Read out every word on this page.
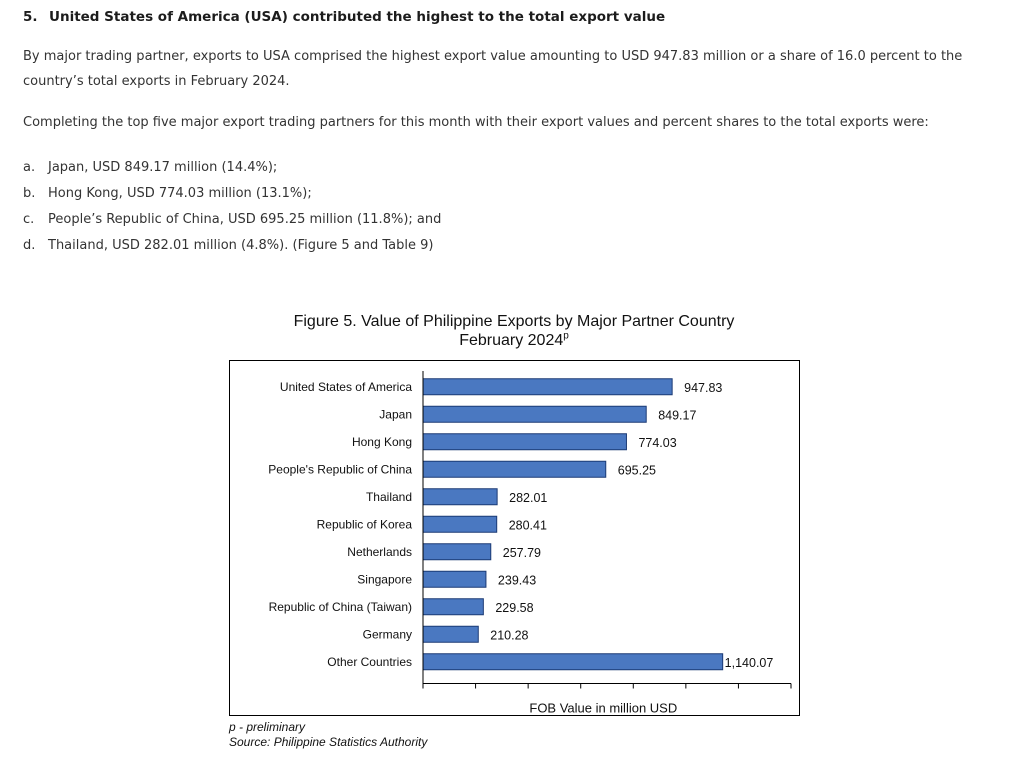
5. United States of America (USA) contributed the highest to the total export value

By major trading partner, exports to USA comprised the highest export value amounting to USD 947.83 million or a share of 16.0 percent to the country’s total exports in February 2024.

Completing the top five major export trading partners for this month with their export values and percent shares to the total exports were:

a. Japan, USD 849.17 million (14.4%);
b. Hong Kong, USD 774.03 million (13.1%);
c. People’s Republic of China, USD 695.25 million (11.8%); and
d. Thailand, USD 282.01 million (4.8%). (Figure 5 and Table 9)
Figure 5. Value of Philippine Exports by Major Partner Country
February 2024$^p$
United States of America	947.83
Japan	849.17
Hong Kong	774.03
People's Republic of China	695.25
Thailand	282.01
Republic of Korea	280.41
Netherlands	257.79
Singapore	239.43
Republic of China (Taiwan)	229.58
Germany	210.28
Other Countries	1,140.07
FOB Value in million USD
p - preliminary
Source: Philippine Statistics Authority
